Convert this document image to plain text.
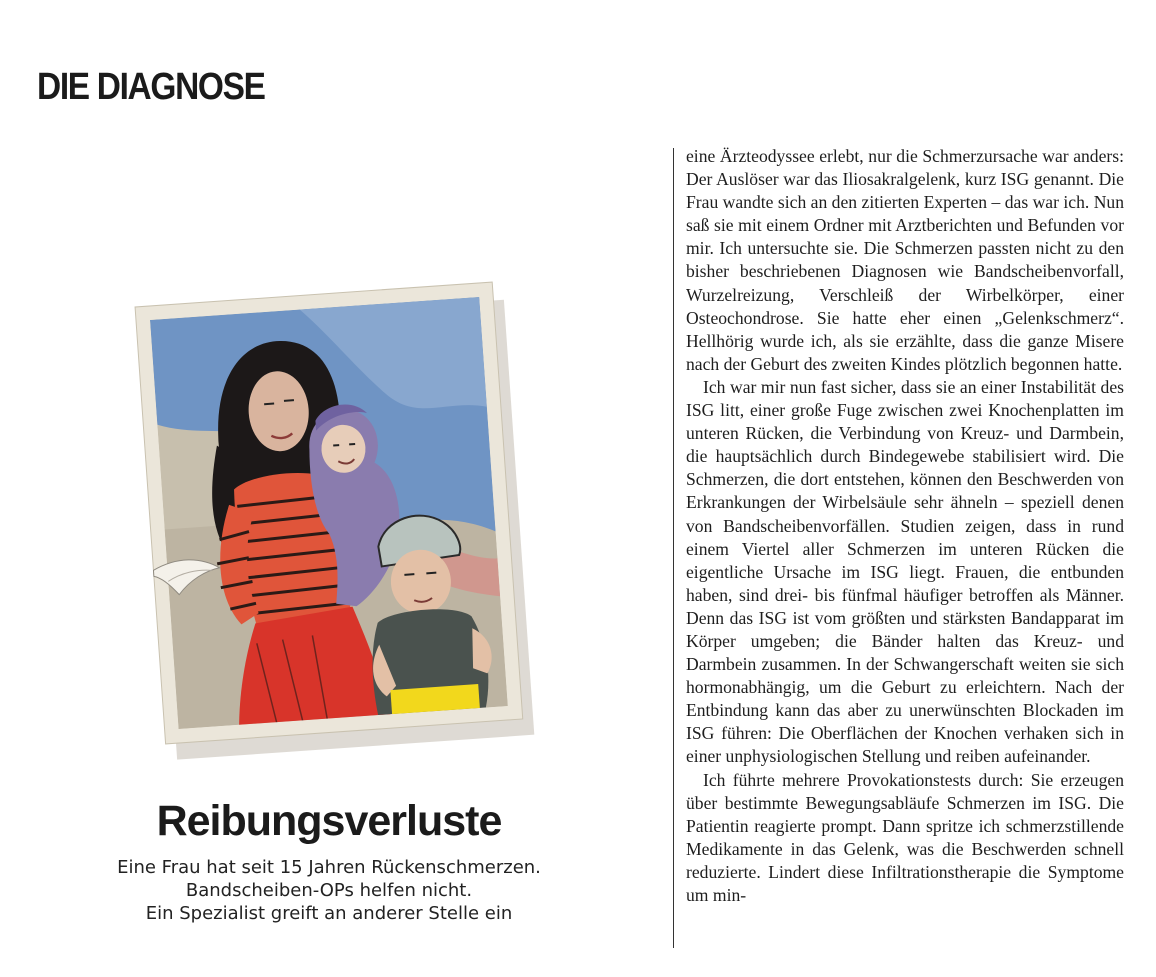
DIE DIAGNOSE
Reibungsverluste

Eine Frau hat seit 15 Jahren Rückenschmerzen.
Bandscheiben-OPs helfen nicht.
Ein Spezialist greift an anderer Stelle ein

eine Ärzteodyssee erlebt, nur die Schmerzursache war anders: Der Auslöser war das Iliosakralgelenk, kurz ISG genannt. Die Frau wandte sich an den zitierten Experten – das war ich. Nun saß sie mit einem Ordner mit Arztberichten und Befunden vor mir. Ich untersuchte sie. Die Schmerzen passten nicht zu den bisher beschriebenen Diagnosen wie Bandscheibenvorfall, Wurzelreizung, Verschleiß der Wirbelkörper, einer Osteochondrose. Sie hatte eher einen „Gelenkschmerz“. Hellhörig wurde ich, als sie erzählte, dass die ganze Misere nach der Geburt des zweiten Kindes plötzlich begonnen hatte.

Ich war mir nun fast sicher, dass sie an einer Instabilität des ISG litt, einer große Fuge zwischen zwei Knochenplatten im unteren Rücken, die Verbindung von Kreuz- und Darmbein, die hauptsächlich durch Bindegewebe stabilisiert wird. Die Schmerzen, die dort entstehen, können den Beschwerden von Erkrankungen der Wirbelsäule sehr ähneln – speziell denen von Bandscheibenvorfällen. Studien zeigen, dass in rund einem Viertel aller Schmerzen im unteren Rücken die eigentliche Ursache im ISG liegt. Frauen, die entbunden haben, sind drei- bis fünfmal häufiger betroffen als Männer. Denn das ISG ist vom größten und stärksten Bandapparat im Körper umgeben; die Bänder halten das Kreuz- und Darmbein zusammen. In der Schwangerschaft weiten sie sich hormonabhängig, um die Geburt zu erleichtern. Nach der Entbindung kann das aber zu unerwünschten Blockaden im ISG führen: Die Oberflächen der Knochen verhaken sich in einer unphysiologischen Stellung und reiben aufeinander.

Ich führte mehrere Provokationstests durch: Sie erzeugen über bestimmte Bewegungsabläufe Schmerzen im ISG. Die Patientin reagierte prompt. Dann spritze ich schmerzstillende Medikamente in das Gelenk, was die Beschwerden schnell reduzierte. Lindert diese Infiltrationstherapie die Symptome um min-
